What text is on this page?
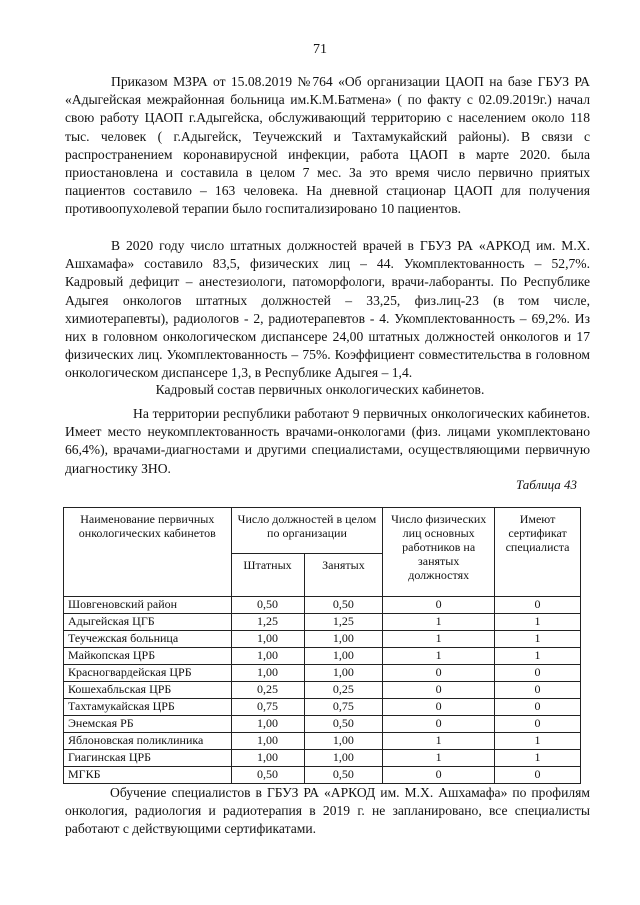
71

Приказом МЗРА от 15.08.2019 №764 «Об организации ЦАОП на базе ГБУЗ РА «Адыгейская межрайонная больница им.К.М.Батмена» ( по факту с 02.09.2019г.) начал свою работу ЦАОП г.Адыгейска, обслуживающий территорию с населением около 118 тыс. человек ( г.Адыгейск, Теучежский и Тахтамукайский районы). В связи с распространением коронавирусной инфекции, работа ЦАОП в марте 2020. была приостановлена и составила в целом 7 мес. За это время число первично приятых пациентов составило – 163 человека. На дневной стационар ЦАОП для получения противоопухолевой терапии было госпитализировано 10 пациентов.

В 2020 году число штатных должностей врачей в ГБУЗ РА «АРКОД им. М.Х. Ашхамафа» составило 83,5, физических лиц – 44. Укомплектованность – 52,7%. Кадровый дефицит – анестезиологи, патоморфологи, врачи-лаборанты. По Республике Адыгея онкологов штатных должностей – 33,25, физ.лиц-23 (в том числе, химиотерапевты), радиологов - 2, радиотерапевтов - 4. Укомплектованность – 69,2%. Из них в головном онкологическом диспансере 24,00 штатных должностей онкологов и 17 физических лиц. Укомплектованность – 75%. Коэффициент совместительства в головном онкологическом диспансере 1,3, в Республике Адыгея – 1,4.

Кадровый состав первичных онкологических кабинетов.

На территории республики работают 9 первичных онкологических кабинетов. Имеет место неукомплектованность врачами-онкологами (физ. лицами укомплектовано 66,4%), врачами-диагностами и другими специалистами, осуществляющими первичную диагностику ЗНО.

Таблица 43
Наименование первичных онкологических кабинетов	Число должностей в целом по организации		Число физических лиц основных работников на занятых должностях	Имеют сертификат специалиста
	Штатных	Занятых		
Шовгеновский район	0,50	0,50	0	0
Адыгейская ЦГБ	1,25	1,25	1	1
Теучежская больница	1,00	1,00	1	1
Майкопская ЦРБ	1,00	1,00	1	1
Красногвардейская ЦРБ	1,00	1,00	0	0
Кошехабльская ЦРБ	0,25	0,25	0	0
Тахтамукайская ЦРБ	0,75	0,75	0	0
Энемская РБ	1,00	0,50	0	0
Яблоновская поликлиника	1,00	1,00	1	1
Гиагинская ЦРБ	1,00	1,00	1	1
МГКБ	0,50	0,50	0	0

Обучение специалистов в ГБУЗ РА «АРКОД им. М.Х. Ашхамафа» по профилям онкология, радиология и радиотерапия в 2019 г. не запланировано, все специалисты работают с действующими сертификатами.
